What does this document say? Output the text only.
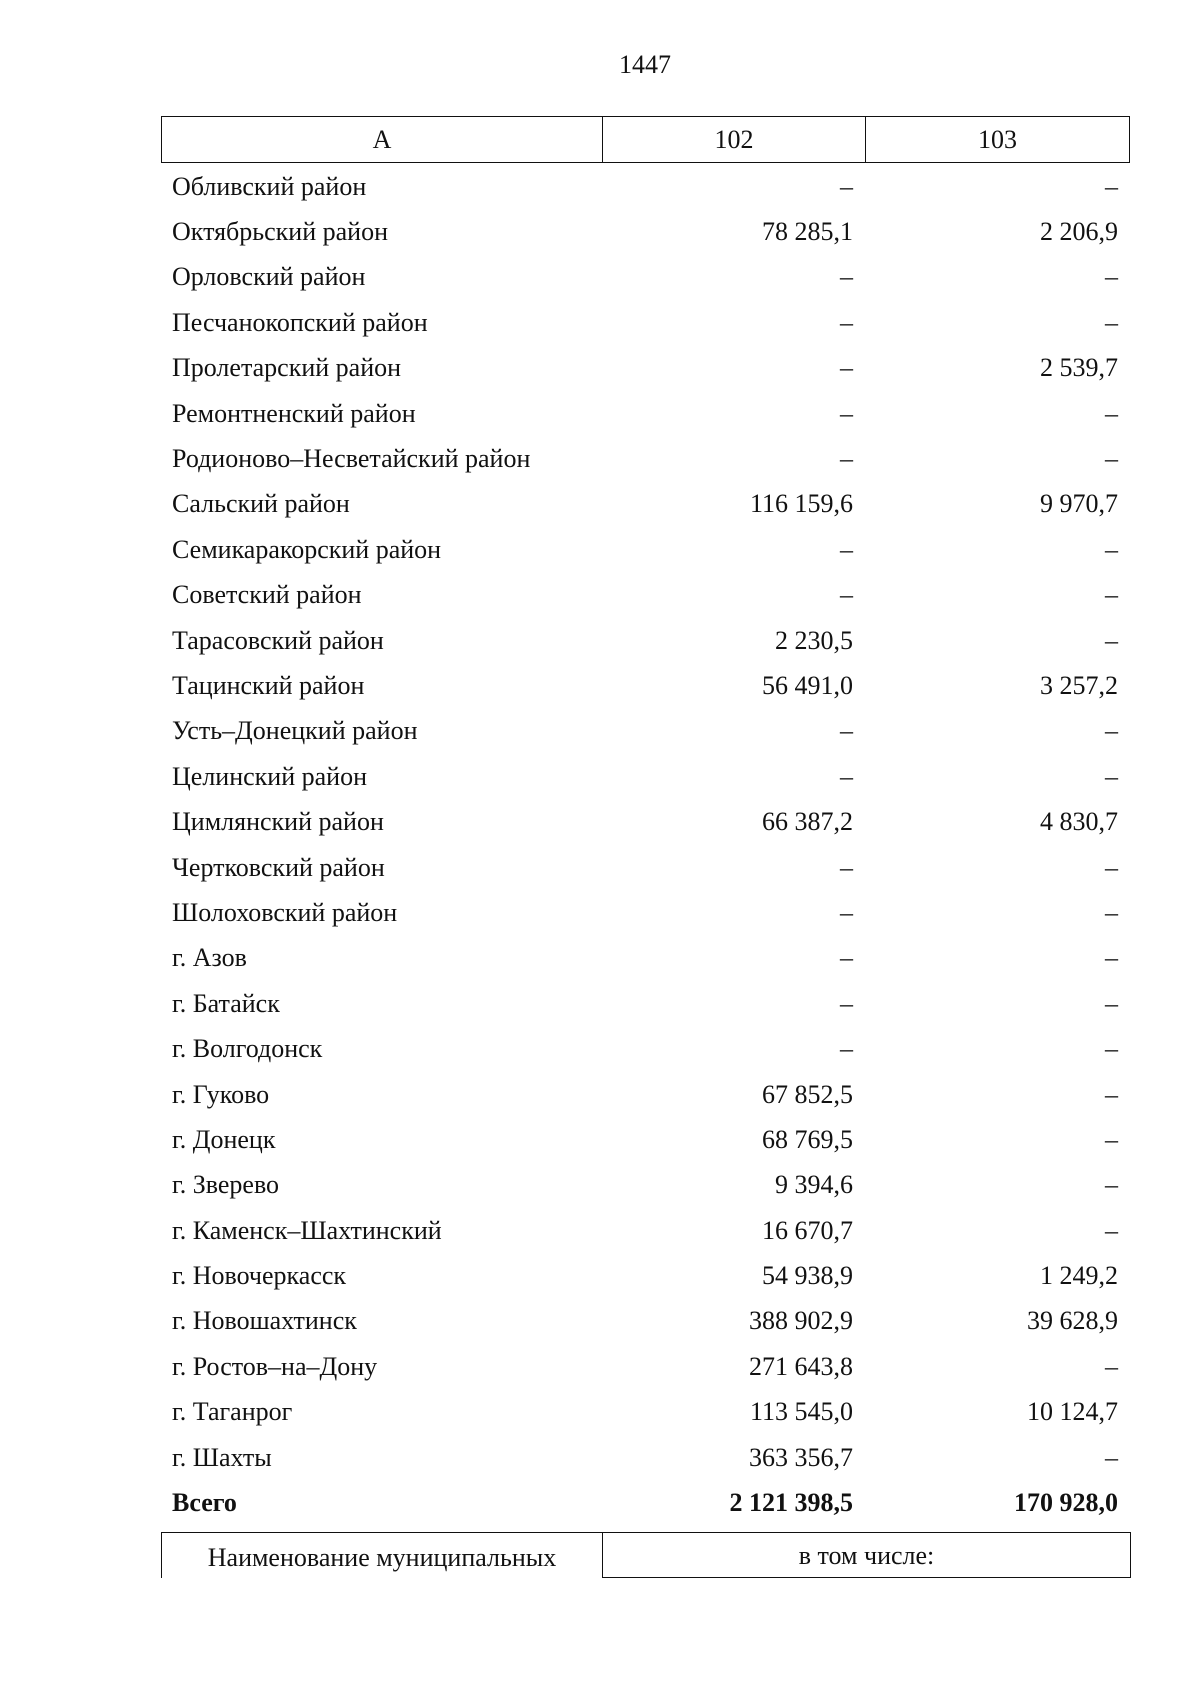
1447
А	102	103
Обливский район	–	–
Октябрьский район	78 285,1	2 206,9
Орловский район	–	–
Песчанокопский район	–	–
Пролетарский район	–	2 539,7
Ремонтненский район	–	–
Родионово–Несветайский район	–	–
Сальский район	116 159,6	9 970,7
Семикаракорский район	–	–
Советский район	–	–
Тарасовский район	2 230,5	–
Тацинский район	56 491,0	3 257,2
Усть–Донецкий район	–	–
Целинский район	–	–
Цимлянский район	66 387,2	4 830,7
Чертковский район	–	–
Шолоховский район	–	–
г. Азов	–	–
г. Батайск	–	–
г. Волгодонск	–	–
г. Гуково	67 852,5	–
г. Донецк	68 769,5	–
г. Зверево	9 394,6	–
г. Каменск–Шахтинский	16 670,7	–
г. Новочеркасск	54 938,9	1 249,2
г. Новошахтинск	388 902,9	39 628,9
г. Ростов–на–Дону	271 643,8	–
г. Таганрог	113 545,0	10 124,7
г. Шахты	363 356,7	–
Всего	2 121 398,5	170 928,0
Наименование муниципальных	в том числе:
